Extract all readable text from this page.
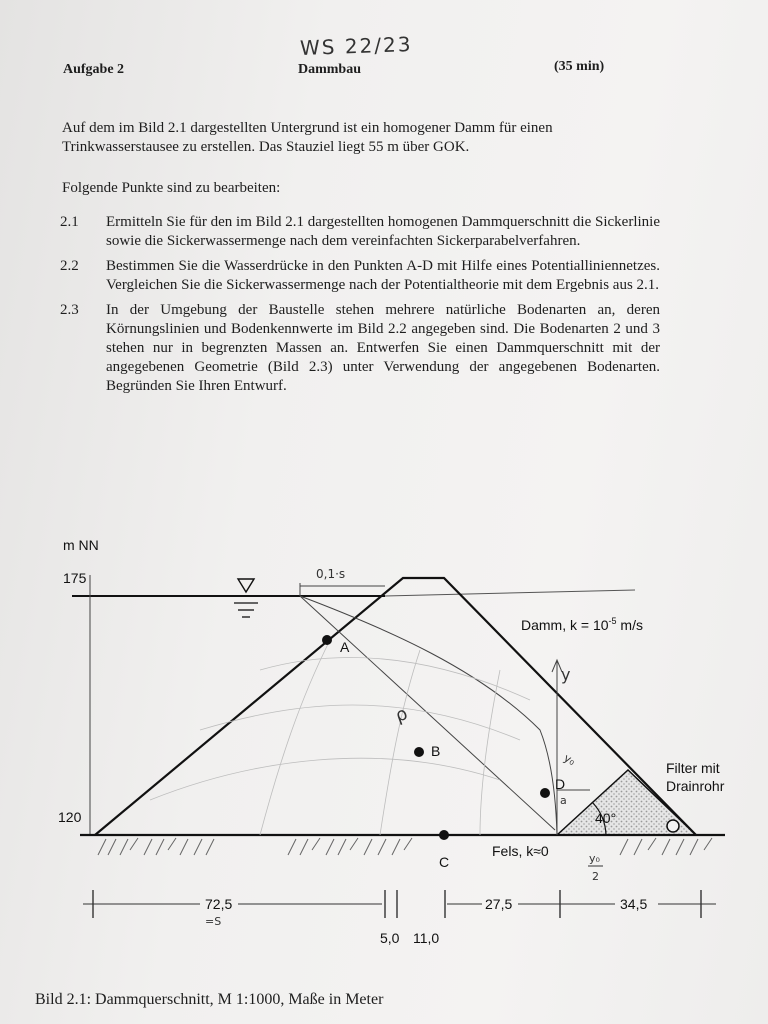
WS 22/23
Aufgabe 2	Dammbau	(35 min)
Auf dem im Bild 2.1 dargestellten Untergrund ist ein homogener Damm für einen Trinkwasserstausee zu erstellen. Das Stauziel liegt 55 m über GOK.
Folgende Punkte sind zu bearbeiten:
2.1	Ermitteln Sie für den im Bild 2.1 dargestellten homogenen Dammquerschnitt die Sickerlinie sowie die Sickerwassermenge nach dem vereinfachten Sickerparabelverfahren.
2.2	Bestimmen Sie die Wasserdrücke in den Punkten A-D mit Hilfe eines Potentialliniennetzes. Vergleichen Sie die Sickerwassermenge nach der Potentialtheorie mit dem Ergebnis aus 2.1.
2.3	In der Umgebung der Baustelle stehen mehrere natürliche Bodenarten an, deren Körnungslinien und Bodenkennwerte im Bild 2.2 angegeben sind. Die Bodenarten 2 und 3 stehen nur in begrenzten Massen an. Entwerfen Sie einen Dammquerschnitt mit der angegebenen Geometrie (Bild 2.3) unter Verwendung der angegebenen Bodenarten. Begründen Sie Ihren Entwurf.
m NN
175
120
A
B
C
D
Damm, $k = 10^{-5}$ m/s
Filter mit
Drainrohr
Fels, k≈0
40°
0,1·s
ρ
y
y₀
a
y₀
2
=S
72,5
5,0 11,0
27,5	34,5
Bild 2.1: Dammquerschnitt, M 1:1000, Maße in Meter
